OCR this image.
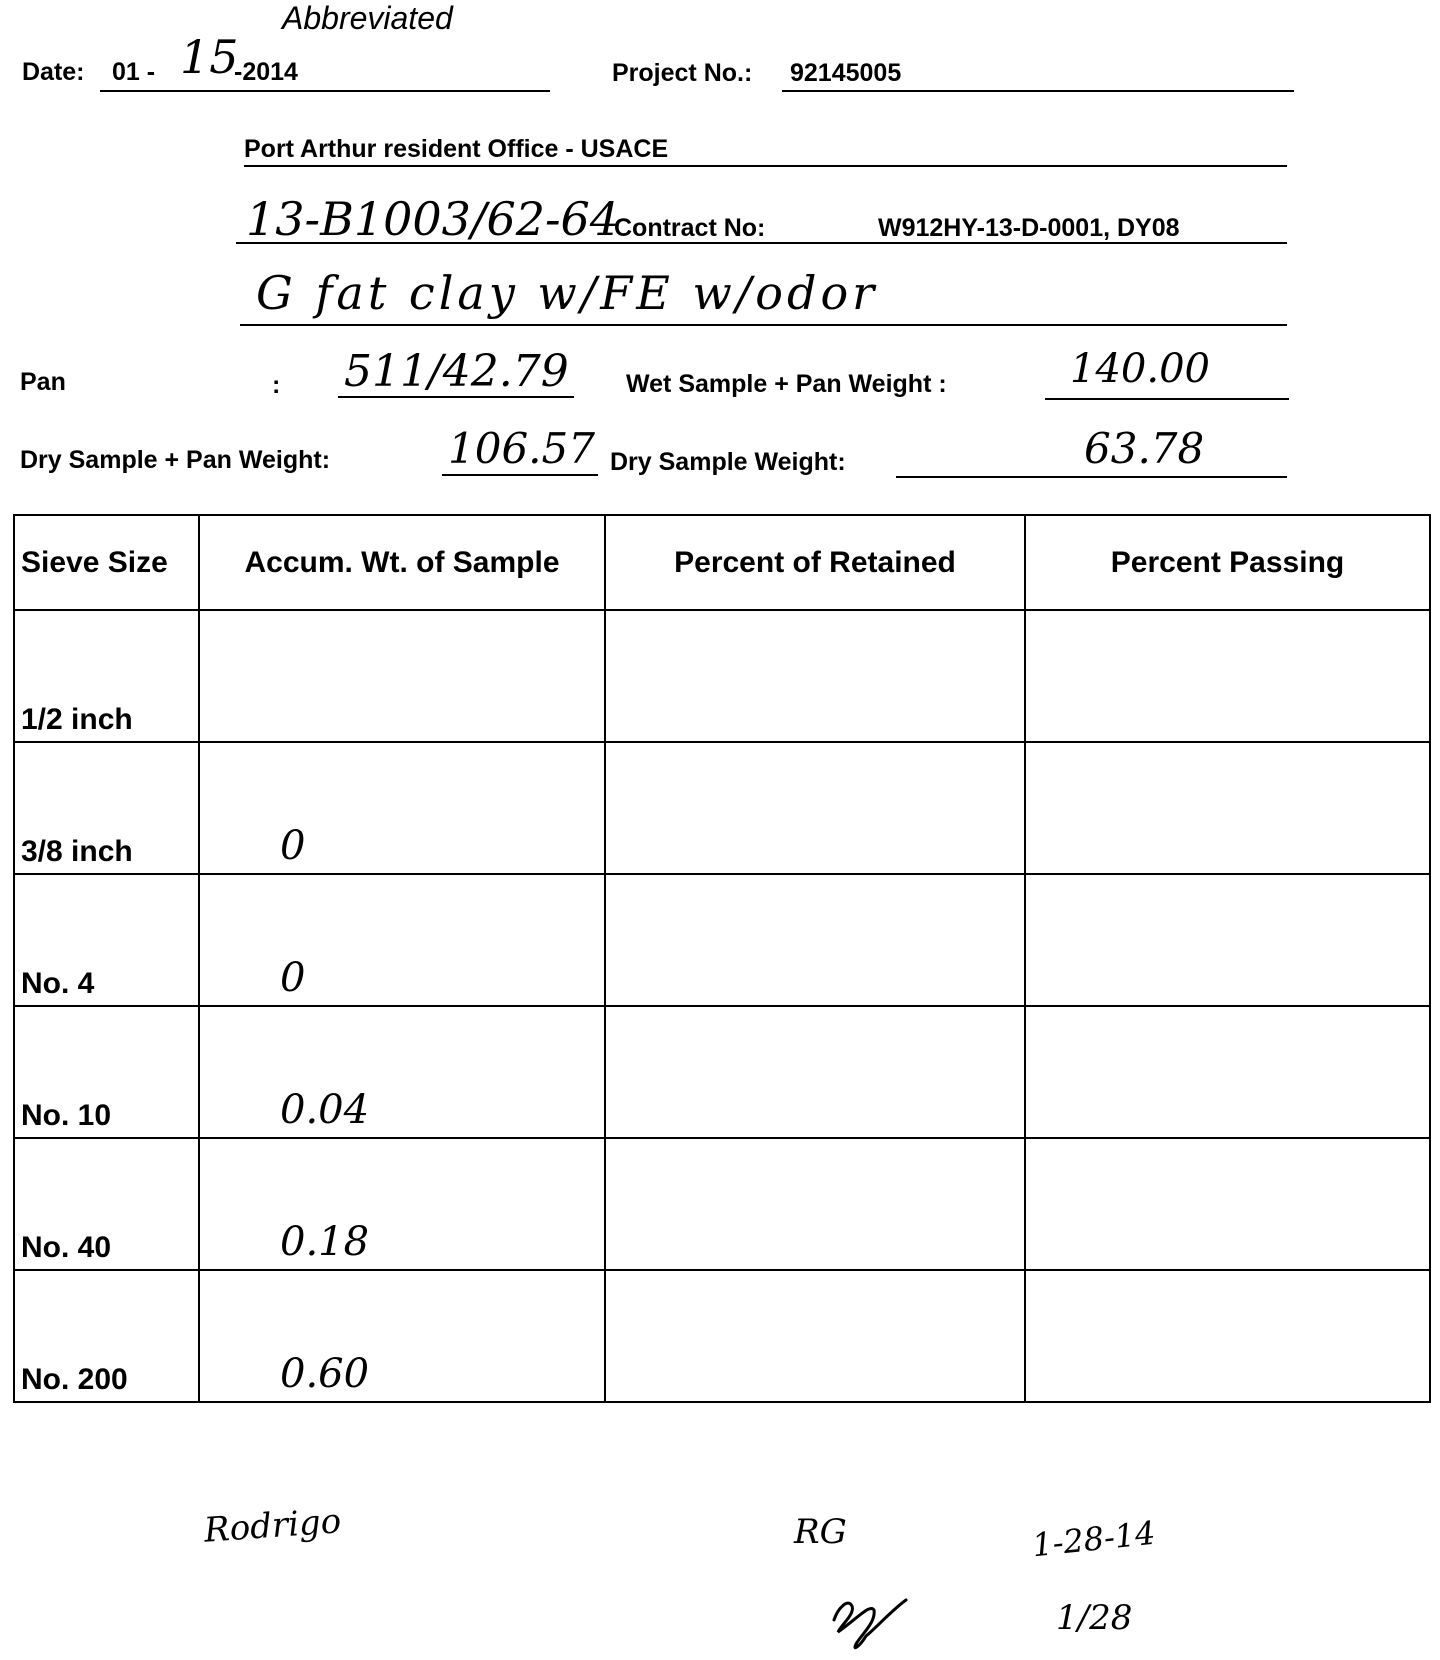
Abbreviated
Date: 01 - 15
-2014	Project No.: 92145005
Port Arthur resident Office - USACE
13-B1003/62-64
Contract No:	W912HY-13-D-0001, DY08
G fat clay w/FE w/odor
Pan	: 511/42.79 Wet Sample + Pan Weight :	140.00
Dry Sample + Pan Weight:	106.57 Dry Sample Weight:	63.78
Sieve Size	Accum. Wt. of Sample	Percent of Retained	Percent Passing

1/2 inch			

3/8 inch	0		

No. 4	0		

No. 10	0.04		

No. 40	0.18		

No. 200	0.60		

Rodrigo	RG	1-28-14
1/28
